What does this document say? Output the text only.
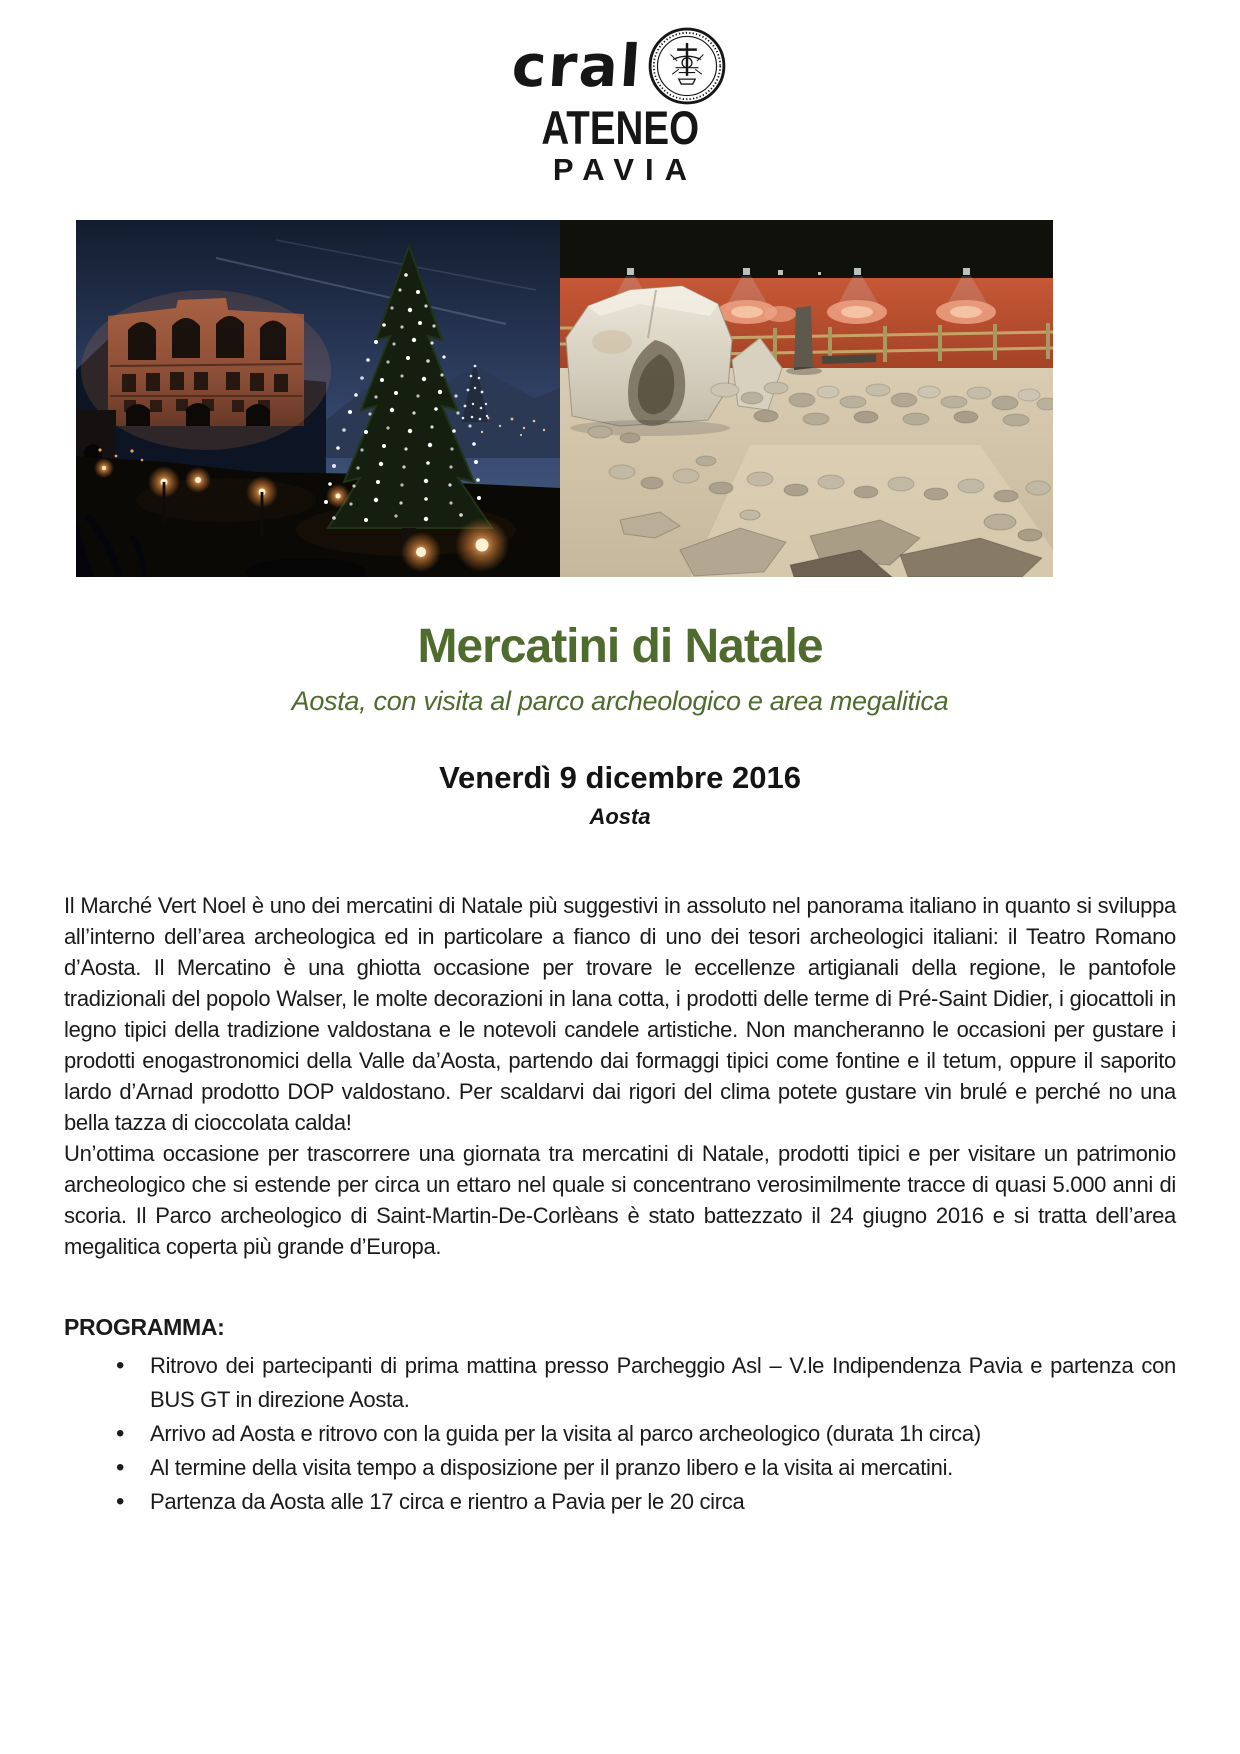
cral
ATENEO
PAVIA
Mercatini di Natale
Aosta, con visita al parco archeologico e area megalitica
Venerdì 9 dicembre 2016
Aosta

Il Marché Vert Noel è uno dei mercatini di Natale più suggestivi in assoluto nel panorama italiano in quanto si sviluppa all’interno dell’area archeologica ed in particolare a fianco di uno dei tesori archeologici italiani: il Teatro Romano d’Aosta. Il Mercatino è una ghiotta occasione per trovare le eccellenze artigianali della regione, le pantofole tradizionali del popolo Walser, le molte decorazioni in lana cotta, i prodotti delle terme di Pré-Saint Didier, i giocattoli in legno tipici della tradizione valdostana e le notevoli candele artistiche. Non mancheranno le occasioni per gustare i prodotti enogastronomici della Valle da’Aosta, partendo dai formaggi tipici come fontine e il tetum, oppure il saporito lardo d’Arnad prodotto DOP valdostano. Per scaldarvi dai rigori del clima potete gustare vin brulé e perché no una bella tazza di cioccolata calda!

Un’ottima occasione per trascorrere una giornata tra mercatini di Natale, prodotti tipici e per visitare un patrimonio archeologico che si estende per circa un ettaro nel quale si concentrano verosimilmente tracce di quasi 5.000 anni di scoria. Il Parco archeologico di Saint-Martin-De-Corlèans è stato battezzato il 24 giugno 2016 e si tratta dell’area megalitica coperta più grande d’Europa.

PROGRAMMA:
•
Ritrovo dei partecipanti di prima mattina presso Parcheggio Asl – V.le Indipendenza Pavia e partenza con BUS GT in direzione Aosta.
•
Arrivo ad Aosta e ritrovo con la guida per la visita al parco archeologico (durata 1h circa)
•
Al termine della visita tempo a disposizione per il pranzo libero e la visita ai mercatini.
•
Partenza da Aosta alle 17 circa e rientro a Pavia per le 20 circa
